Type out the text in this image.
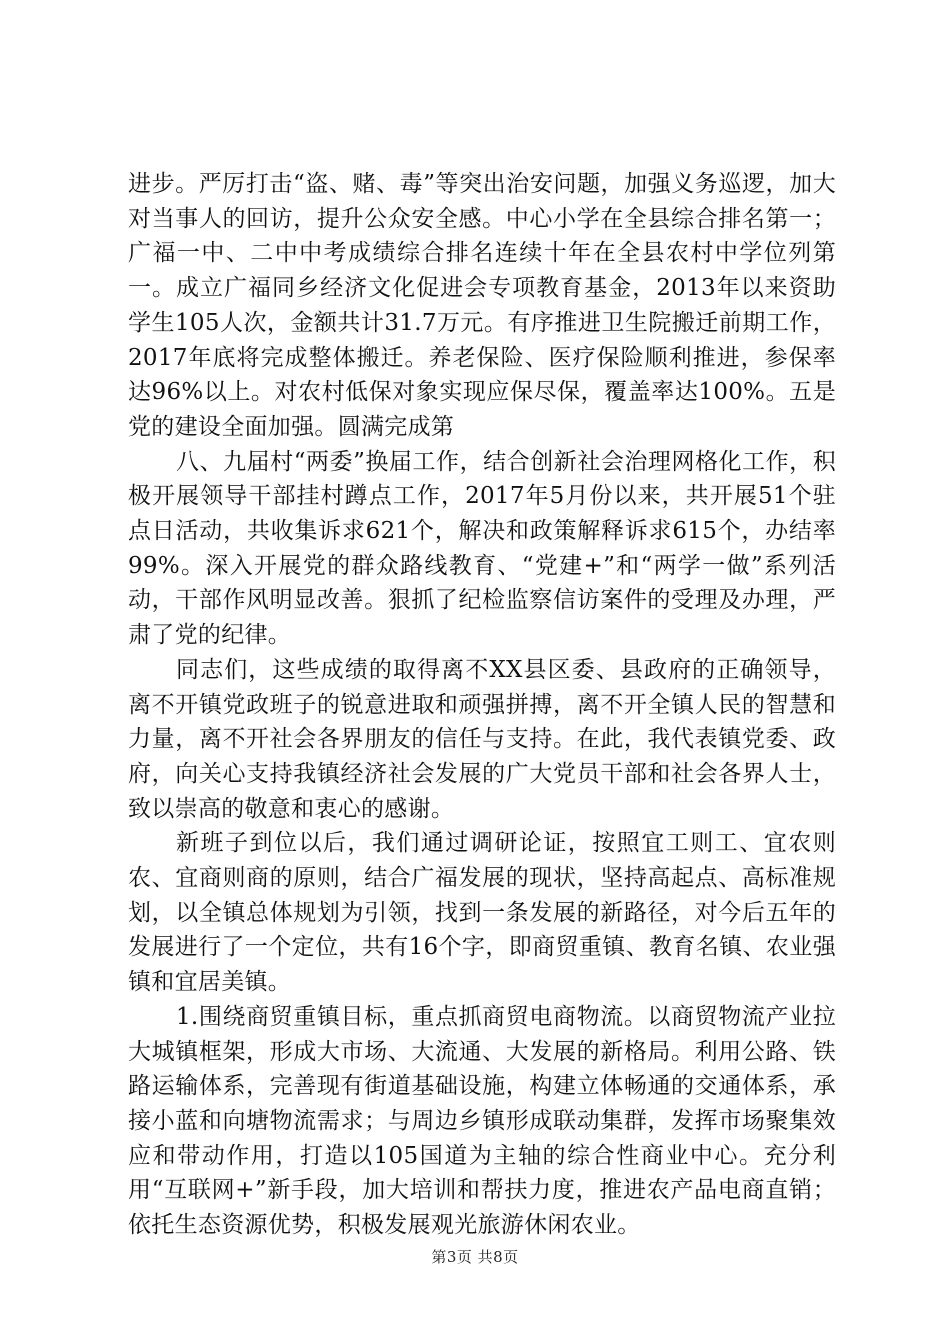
进步。严厉打击“盗、赌、毒”等突出治安问题，加强义务巡逻，加大对当事人的回访，提升公众安全感。中心小学在全县综合排名第一；广福一中、二中中考成绩综合排名连续十年在全县农村中学位列第一。成立广福同乡经济文化促进会专项教育基金，2013年以来资助学生105人次，金额共计31.7万元。有序推进卫生院搬迁前期工作，2017年底将完成整体搬迁。养老保险、医疗保险顺利推进，参保率达96%以上。对农村低保对象实现应保尽保，覆盖率达100%。五是党的建设全面加强。圆满完成第

八、九届村“两委”换届工作，结合创新社会治理网格化工作，积极开展领导干部挂村蹲点工作，2017年5月份以来，共开展51个驻点日活动，共收集诉求621个，解决和政策解释诉求615个，办结率99%。深入开展党的群众路线教育、“党建+”和“两学一做”系列活动，干部作风明显改善。狠抓了纪检监察信访案件的受理及办理，严肃了党的纪律。

同志们，这些成绩的取得离不XX县区委、县政府的正确领导，离不开镇党政班子的锐意进取和顽强拼搏，离不开全镇人民的智慧和力量，离不开社会各界朋友的信任与支持。在此，我代表镇党委、政府，向关心支持我镇经济社会发展的广大党员干部和社会各界人士，致以崇高的敬意和衷心的感谢。

新班子到位以后，我们通过调研论证，按照宜工则工、宜农则农、宜商则商的原则，结合广福发展的现状，坚持高起点、高标准规划，以全镇总体规划为引领，找到一条发展的新路径，对今后五年的发展进行了一个定位，共有16个字，即商贸重镇、教育名镇、农业强镇和宜居美镇。

1.围绕商贸重镇目标，重点抓商贸电商物流。以商贸物流产业拉大城镇框架，形成大市场、大流通、大发展的新格局。利用公路、铁路运输体系，完善现有街道基础设施，构建立体畅通的交通体系，承接小蓝和向塘物流需求；与周边乡镇形成联动集群，发挥市场聚集效应和带动作用，打造以105国道为主轴的综合性商业中心。充分利用“互联网+”新手段，加大培训和帮扶力度，推进农产品电商直销；依托生态资源优势，积极发展观光旅游休闲农业。

第3页 共8页
